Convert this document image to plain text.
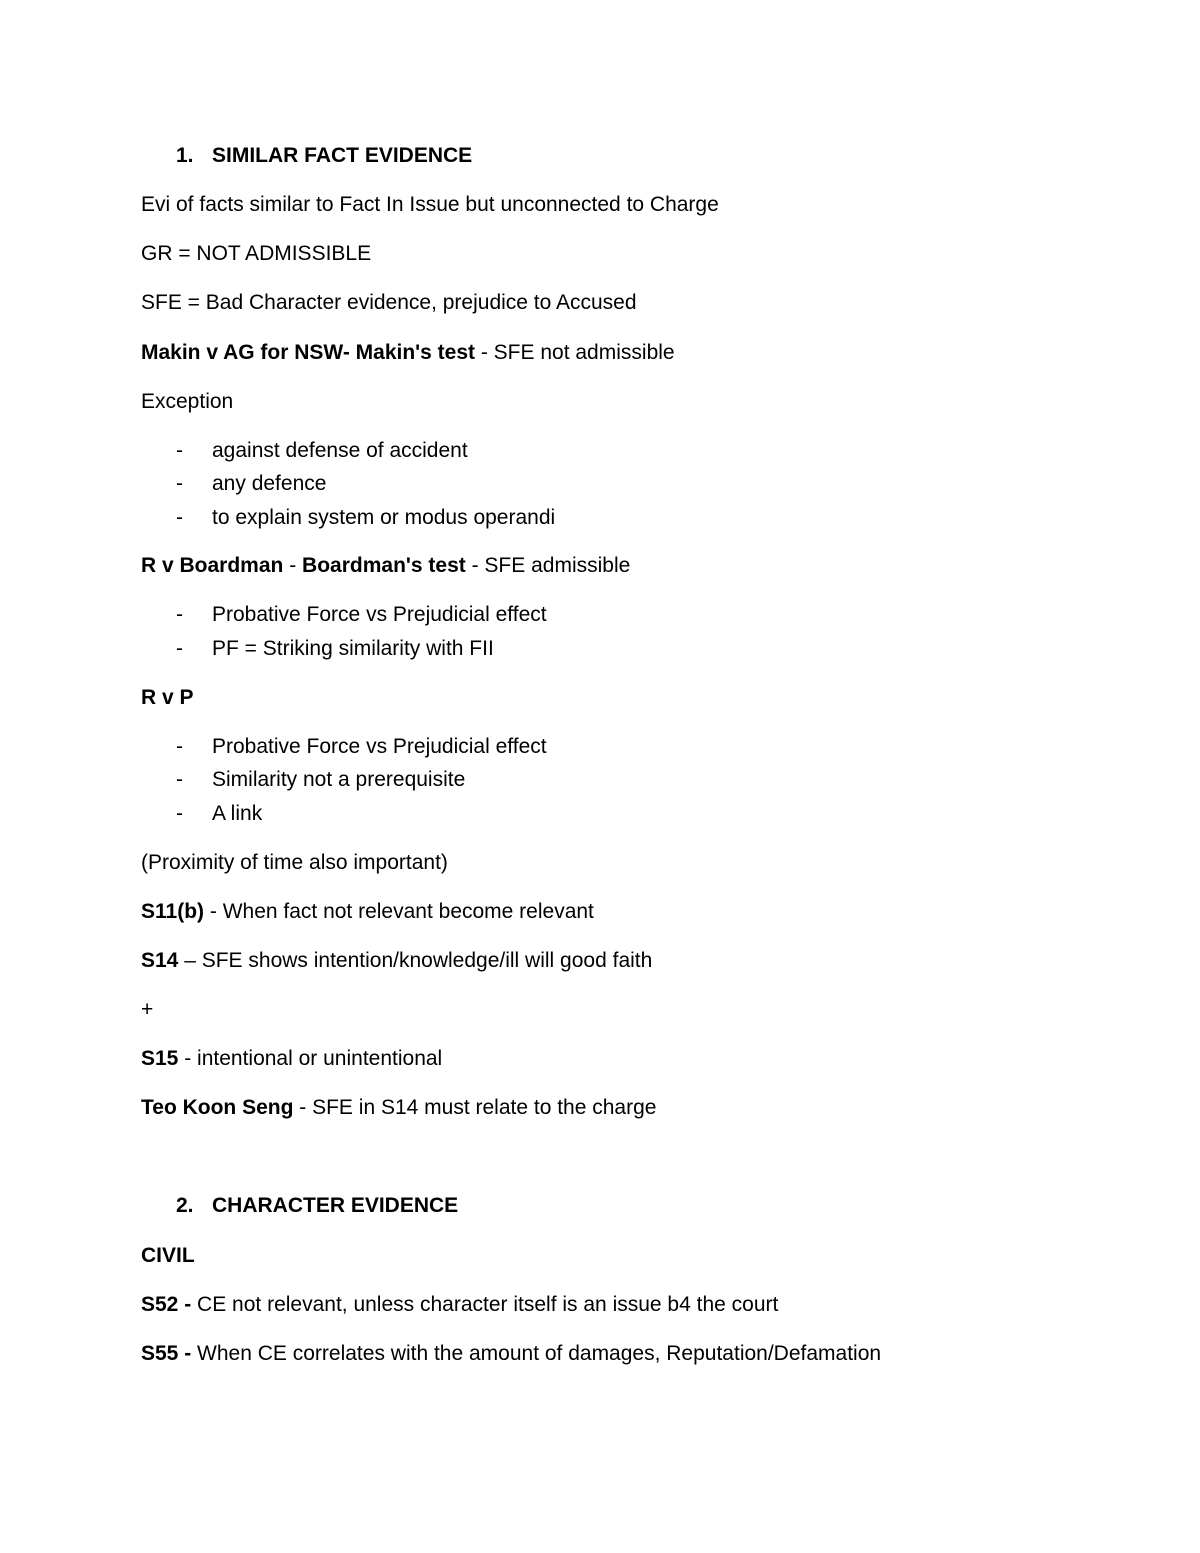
1. SIMILAR FACT EVIDENCE
Evi of facts similar to Fact In Issue but unconnected to Charge
GR = NOT ADMISSIBLE
SFE = Bad Character evidence, prejudice to Accused
Makin v AG for NSW- Makin's test - SFE not admissible
Exception
- against defense of accident
- any defence
- to explain system or modus operandi
R v Boardman - Boardman's test - SFE admissible
- Probative Force vs Prejudicial effect
- PF = Striking similarity with FII
R v P
- Probative Force vs Prejudicial effect
- Similarity not a prerequisite
- A link
(Proximity of time also important)
S11(b) - When fact not relevant become relevant
S14 – SFE shows intention/knowledge/ill will good faith
+
S15 - intentional or unintentional
Teo Koon Seng - SFE in S14 must relate to the charge
2. CHARACTER EVIDENCE
CIVIL
S52 - CE not relevant, unless character itself is an issue b4 the court
S55 - When CE correlates with the amount of damages, Reputation/Defamation
